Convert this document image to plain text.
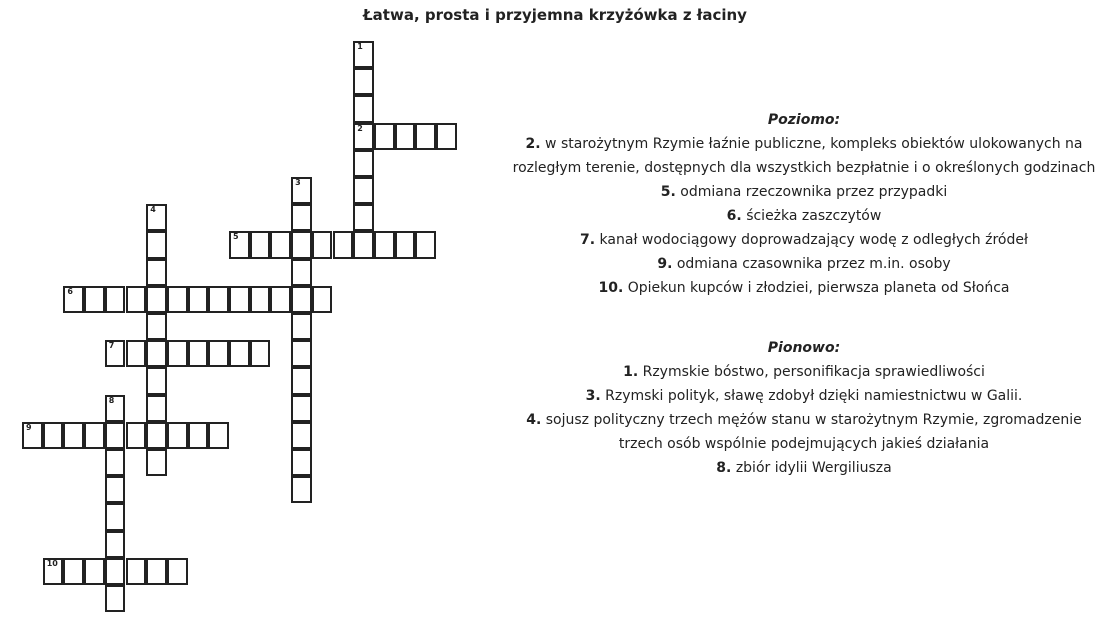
Łatwa, prosta i przyjemna krzyżówka z łaciny
1
2
3
4
5
6
7
8
9
10

Poziomo:

2. w starożytnym Rzymie łaźnie publiczne, kompleks obiektów ulokowanych na rozległym terenie, dostępnych dla wszystkich bezpłatnie i o określonych godzinach

5. odmiana rzeczownika przez przypadki

6. ścieżka zaszczytów

7. kanał wodociągowy doprowadzający wodę z odległych źródeł

9. odmiana czasownika przez m.in. osoby

10. Opiekun kupców i złodziei, pierwsza planeta od Słońca

Pionowo:

1. Rzymskie bóstwo, personifikacja sprawiedliwości

3. Rzymski polityk, sławę zdobył dzięki namiestnictwu w Galii.

4. sojusz polityczny trzech mężów stanu w starożytnym Rzymie, zgromadzenie trzech osób wspólnie podejmujących jakieś działania

8. zbiór idylii Wergiliusza
